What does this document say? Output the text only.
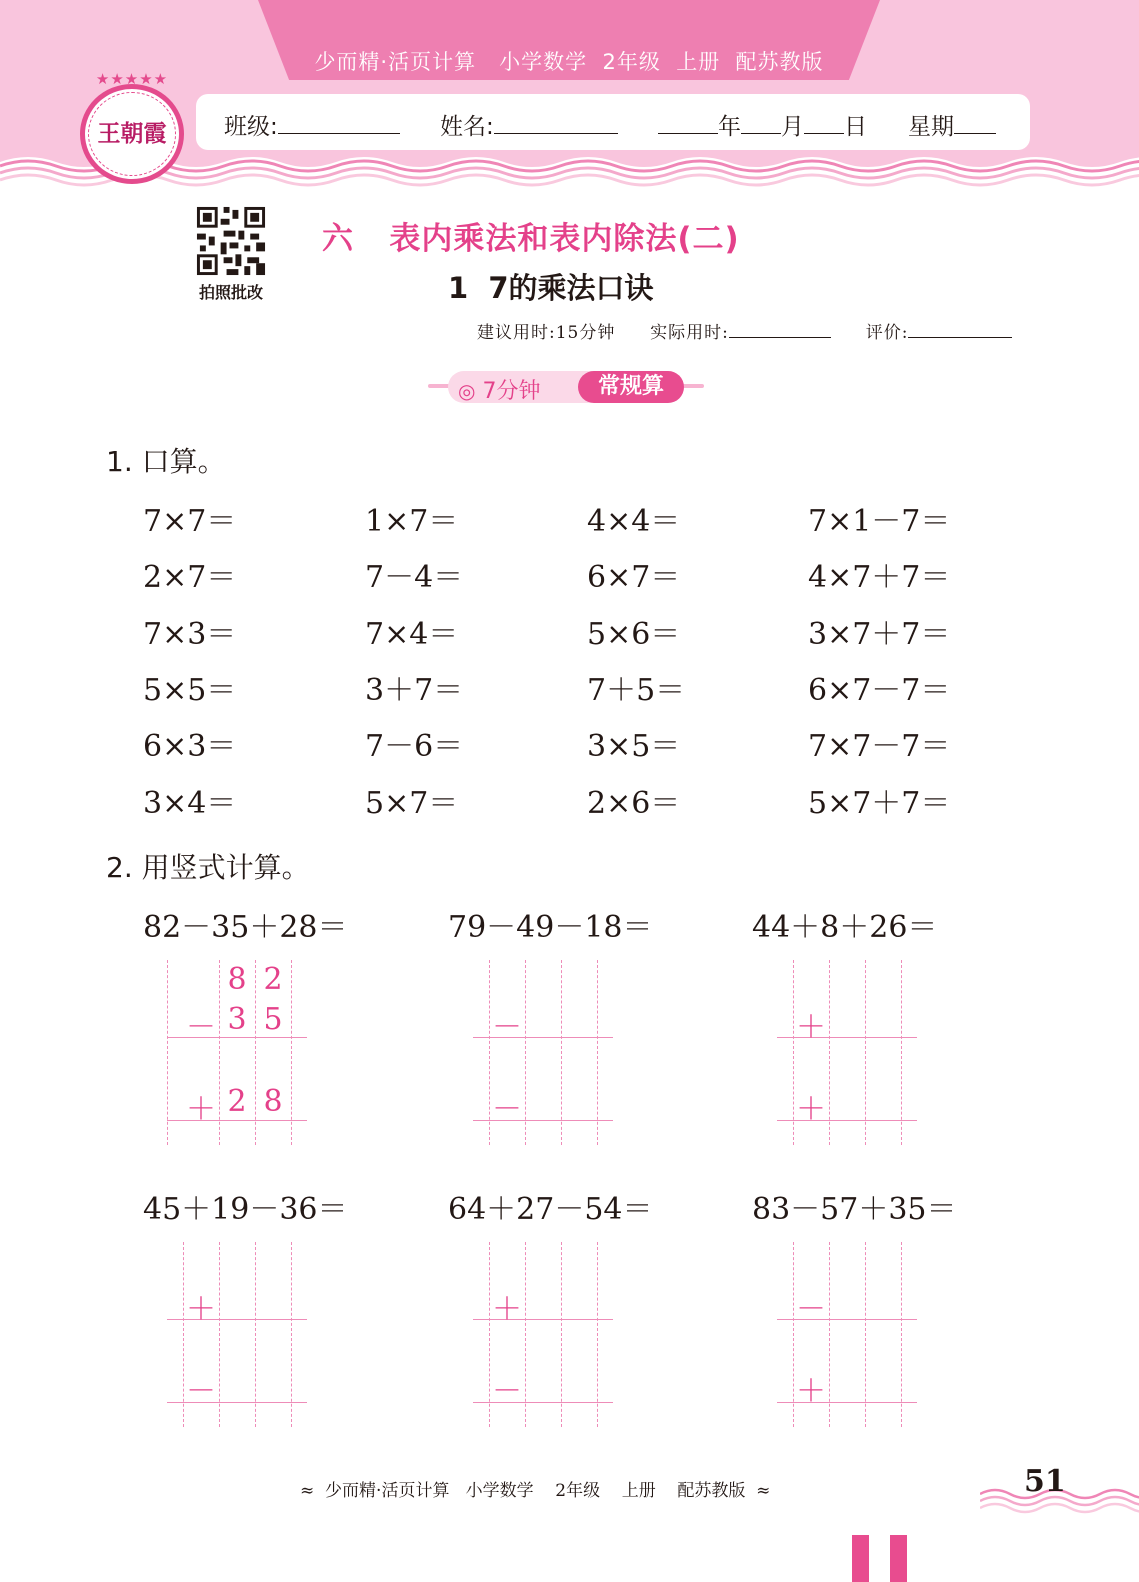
少而精·活页计算   小学数学  2年级  上册  配苏教版
★★★★★
王朝霞	班级:	姓名:	年 月 日 星期
拍照批改
六   表内乘法和表内除法(二)
1  7的乘法口诀
建议用时:15分钟 实际用时:	评价:
◎ 7分钟	常规算
1. 口算。
7×7＝	1×7＝	4×4＝	7×1－7＝
2×7＝	7－4＝	6×7＝	4×7＋7＝
7×3＝	7×4＝	5×6＝	3×7＋7＝
5×5＝	3＋7＝	7＋5＝	6×7－7＝
6×3＝	7－6＝	3×5＝	7×7－7＝
3×4＝	5×7＝	2×6＝	5×7＋7＝
2. 用竖式计算。
82－35＋28＝
8 2
－ 3 5
＋ 2 8
79－49－18＝
－
－
44＋8＋26＝
＋
＋
45＋19－36＝
＋
－
64＋27－54＝
＋
－
83－57＋35＝
－
＋
≈  少而精·活页计算   小学数学    2年级    上册    配苏教版  ≈	51
